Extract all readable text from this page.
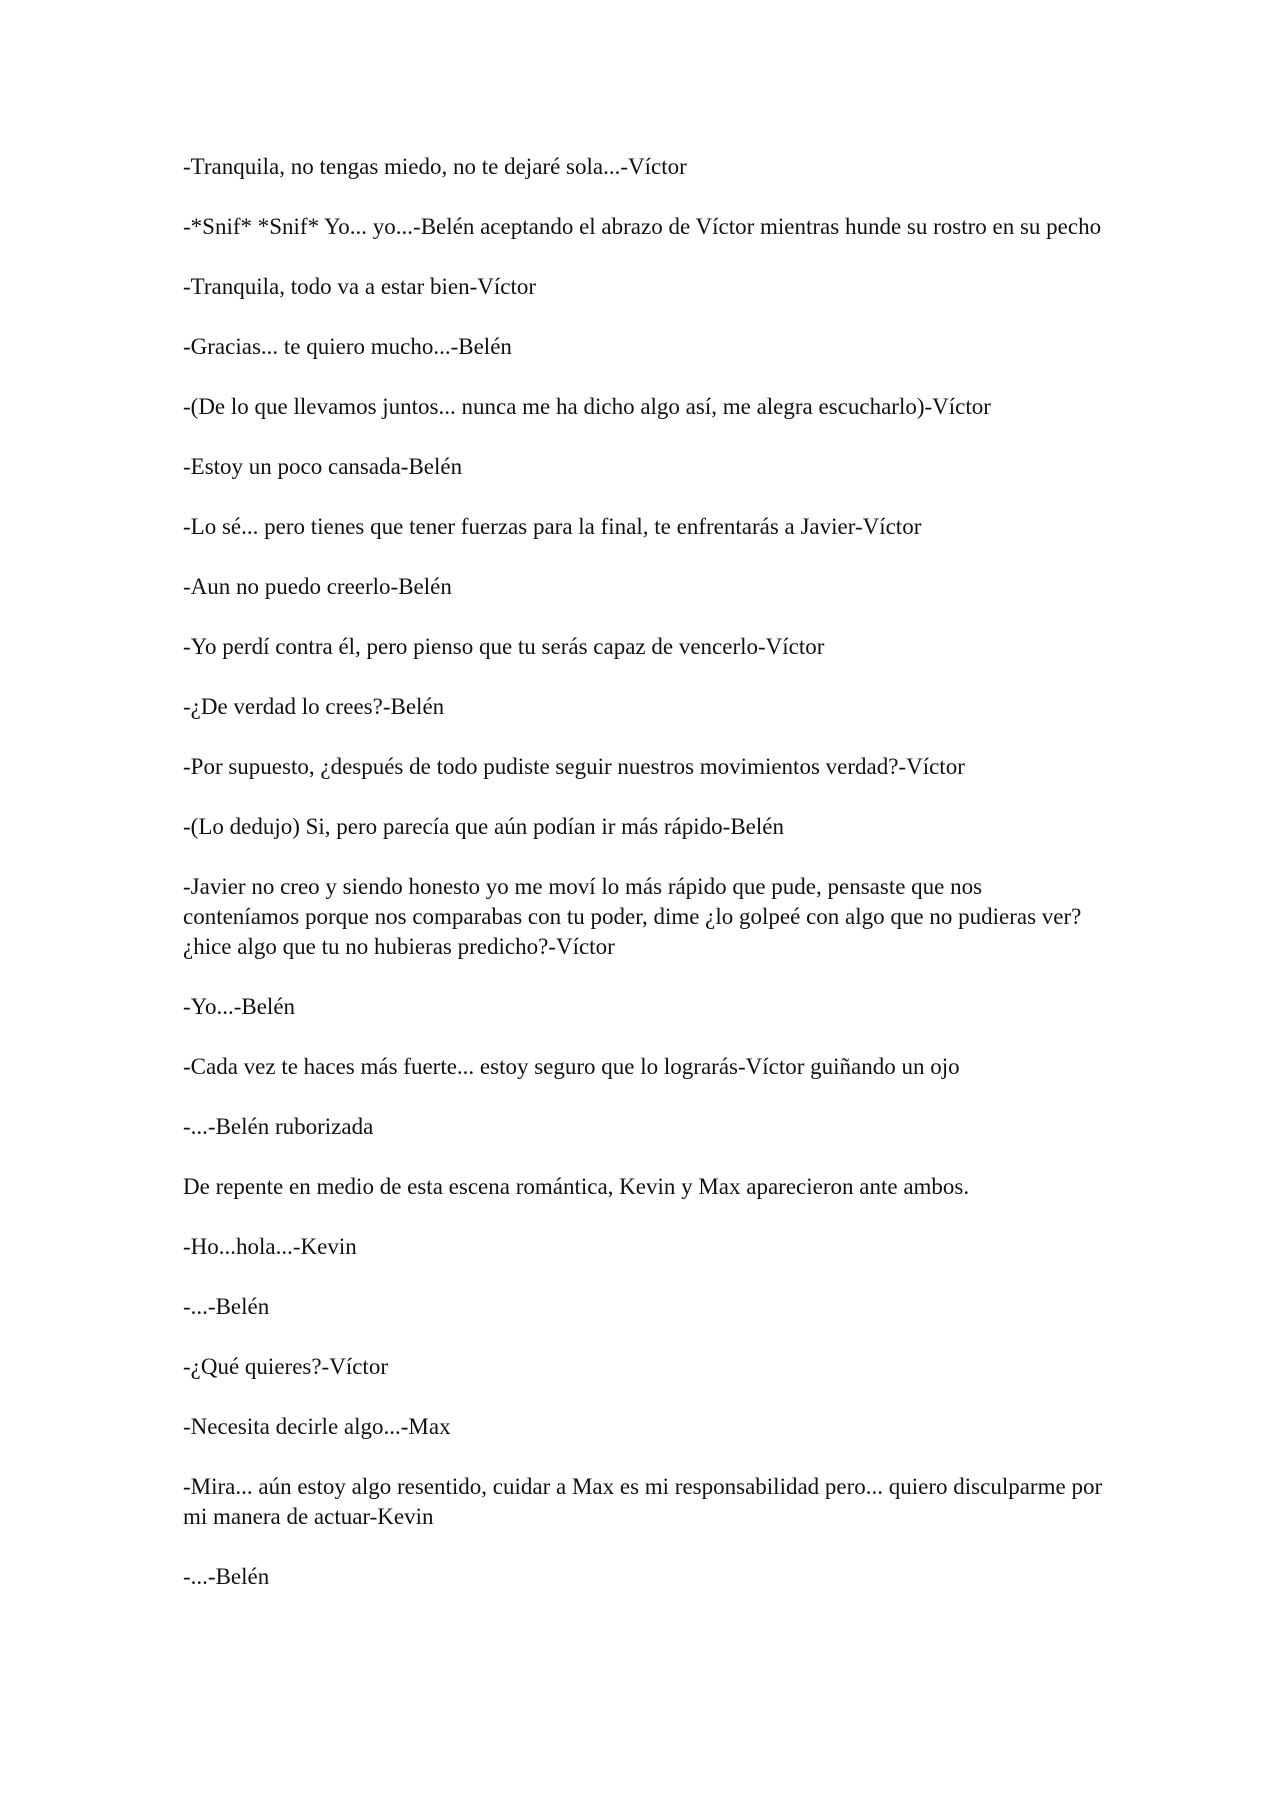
-Tranquila, no tengas miedo, no te dejaré sola...-Víctor

-*Snif* *Snif* Yo... yo...-Belén aceptando el abrazo de Víctor mientras hunde su rostro en su pecho

-Tranquila, todo va a estar bien-Víctor

-Gracias... te quiero mucho...-Belén

-(De lo que llevamos juntos... nunca me ha dicho algo así, me alegra escucharlo)-Víctor

-Estoy un poco cansada-Belén

-Lo sé... pero tienes que tener fuerzas para la final, te enfrentarás a Javier-Víctor

-Aun no puedo creerlo-Belén

-Yo perdí contra él, pero pienso que tu serás capaz de vencerlo-Víctor

-¿De verdad lo crees?-Belén

-Por supuesto, ¿después de todo pudiste seguir nuestros movimientos verdad?-Víctor

-(Lo dedujo) Si, pero parecía que aún podían ir más rápido-Belén

-Javier no creo y siendo honesto yo me moví lo más rápido que pude, pensaste que nos conteníamos porque nos comparabas con tu poder, dime ¿lo golpeé con algo que no pudieras ver? ¿hice algo que tu no hubieras predicho?-Víctor

-Yo...-Belén

-Cada vez te haces más fuerte... estoy seguro que lo lograrás-Víctor guiñando un ojo

-...-Belén ruborizada

De repente en medio de esta escena romántica, Kevin y Max aparecieron ante ambos.

-Ho...hola...-Kevin

-...-Belén

-¿Qué quieres?-Víctor

-Necesita decirle algo...-Max

-Mira... aún estoy algo resentido, cuidar a Max es mi responsabilidad pero... quiero disculparme por mi manera de actuar-Kevin

-...-Belén
